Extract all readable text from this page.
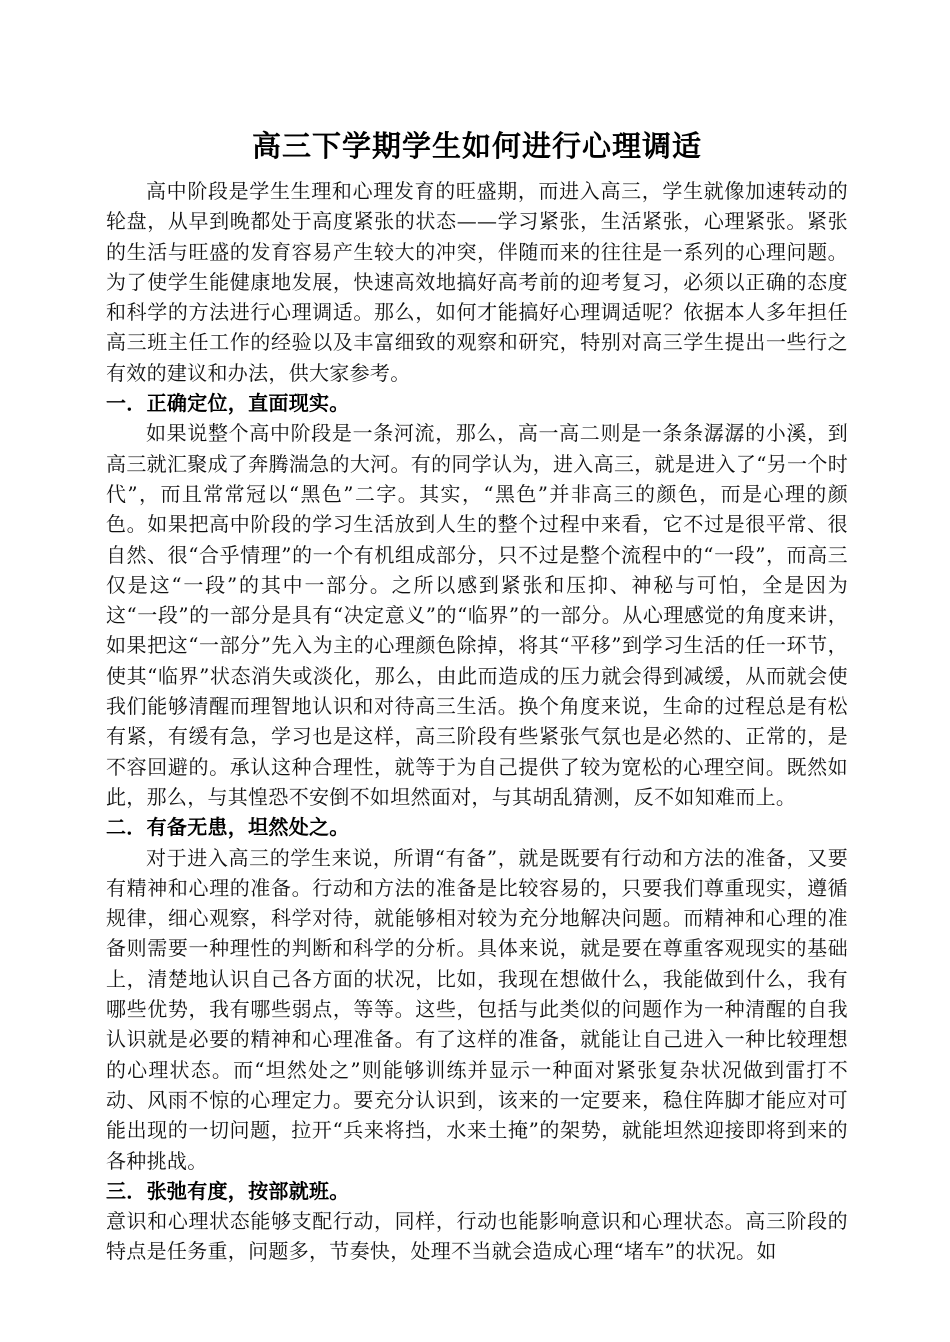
高三下学期学生如何进行心理调适

高中阶段是学生生理和心理发育的旺盛期，而进入高三，学生就像加速转动的轮盘，从早到晚都处于高度紧张的状态——学习紧张，生活紧张，心理紧张。紧张的生活与旺盛的发育容易产生较大的冲突，伴随而来的往往是一系列的心理问题。为了使学生能健康地发展，快速高效地搞好高考前的迎考复习，必须以正确的态度和科学的方法进行心理调适。那么，如何才能搞好心理调适呢？依据本人多年担任高三班主任工作的经验以及丰富细致的观察和研究，特别对高三学生提出一些行之有效的建议和办法，供大家参考。

一．正确定位，直面现实。

如果说整个高中阶段是一条河流，那么，高一高二则是一条条潺潺的小溪，到高三就汇聚成了奔腾湍急的大河。有的同学认为，进入高三，就是进入了“另一个时代”，而且常常冠以“黑色”二字。其实，“黑色”并非高三的颜色，而是心理的颜色。如果把高中阶段的学习生活放到人生的整个过程中来看，它不过是很平常、很自然、很“合乎情理”的一个有机组成部分，只不过是整个流程中的“一段”，而高三仅是这“一段”的其中一部分。之所以感到紧张和压抑、神秘与可怕，全是因为这“一段”的一部分是具有“决定意义”的“临界”的一部分。从心理感觉的角度来讲，如果把这“一部分”先入为主的心理颜色除掉，将其“平移”到学习生活的任一环节，使其“临界”状态消失或淡化，那么，由此而造成的压力就会得到减缓，从而就会使我们能够清醒而理智地认识和对待高三生活。换个角度来说，生命的过程总是有松有紧，有缓有急，学习也是这样，高三阶段有些紧张气氛也是必然的、正常的，是不容回避的。承认这种合理性，就等于为自己提供了较为宽松的心理空间。既然如此，那么，与其惶恐不安倒不如坦然面对，与其胡乱猜测，反不如知难而上。

二．有备无患，坦然处之。

对于进入高三的学生来说，所谓“有备”，就是既要有行动和方法的准备，又要有精神和心理的准备。行动和方法的准备是比较容易的，只要我们尊重现实，遵循规律，细心观察，科学对待，就能够相对较为充分地解决问题。而精神和心理的准备则需要一种理性的判断和科学的分析。具体来说，就是要在尊重客观现实的基础上，清楚地认识自己各方面的状况，比如，我现在想做什么，我能做到什么，我有哪些优势，我有哪些弱点，等等。这些，包括与此类似的问题作为一种清醒的自我认识就是必要的精神和心理准备。有了这样的准备，就能让自己进入一种比较理想的心理状态。而“坦然处之”则能够训练并显示一种面对紧张复杂状况做到雷打不动、风雨不惊的心理定力。要充分认识到，该来的一定要来，稳住阵脚才能应对可能出现的一切问题，拉开“兵来将挡，水来土掩”的架势，就能坦然迎接即将到来的各种挑战。

三．张弛有度，按部就班。

意识和心理状态能够支配行动，同样，行动也能影响意识和心理状态。高三阶段的特点是任务重，问题多，节奏快，处理不当就会造成心理“堵车”的状况。如
